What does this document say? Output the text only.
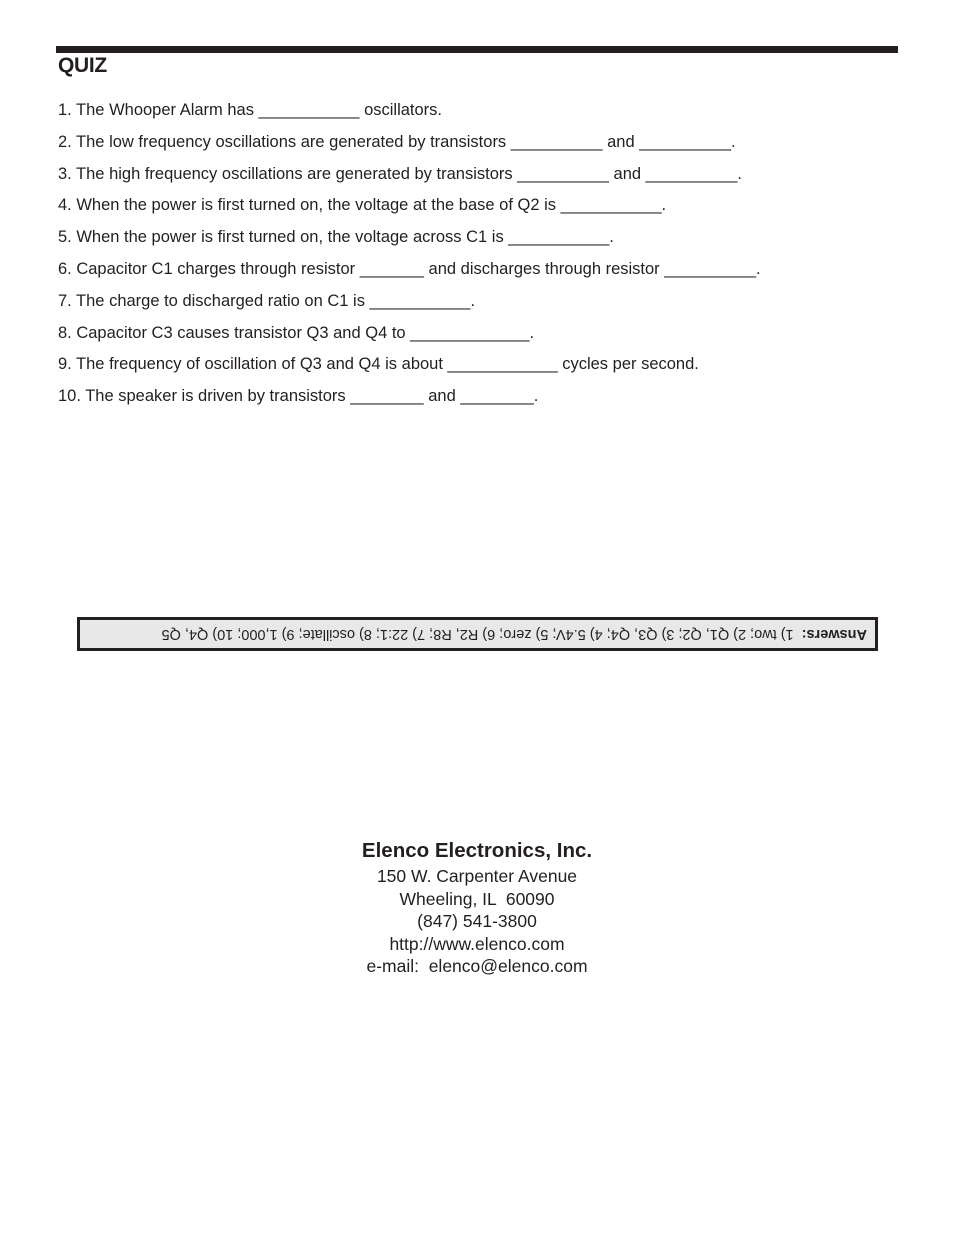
QUIZ
1. The Whooper Alarm has ___________ oscillators.
2. The low frequency oscillations are generated by transistors __________ and __________.
3. The high frequency oscillations are generated by transistors __________ and __________.
4. When the power is first turned on, the voltage at the base of Q2 is ___________.
5. When the power is first turned on, the voltage across C1 is ___________.
6. Capacitor C1 charges through resistor _______ and discharges through resistor __________.
7. The charge to discharged ratio on C1 is ___________.
8. Capacitor C3 causes transistor Q3 and Q4 to _____________.
9. The frequency of oscillation of Q3 and Q4 is about ____________ cycles per second.
10. The speaker is driven by transistors ________ and ________.
Answers:  1) two; 2) Q1, Q2; 3) Q3, Q4; 4) 5.4V; 5) zero; 6) R2, R8; 7) 22:1; 8) oscillate; 9) 1,000; 10) Q4, Q5
Elenco Electronics, Inc.
150 W. Carpenter Avenue
Wheeling, IL  60090
(847) 541-3800
http://www.elenco.com
e-mail:  elenco@elenco.com
